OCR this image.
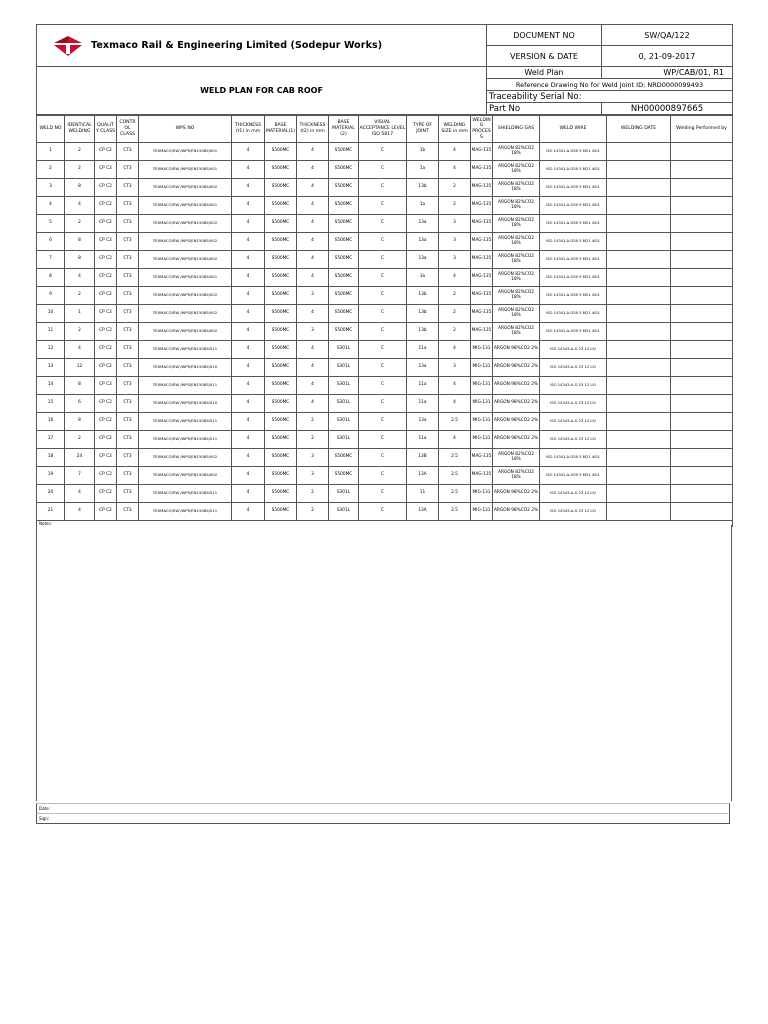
Texmaco Rail & Engineering Limited (Sodepur Works)	DOCUMENT NO	SW/QA/122
	VERSION & DATE	0, 21-09-2017
WELD PLAN FOR CAB ROOF	Weld Plan	WP/CAB/01, R1
	Reference Drawing No for Weld Joint ID: NRD0000099493	
	Traceability Serial No:	
	Part No	NH00000897665
WELD NO	IDENTICAL WELDING	QUALIT Y CLASS	CONTR OL CLASS	WPS NO	THICKNESS (t1) in mm	BASE MATERIAL(1)	THICKNESS (t2) in mm	BASE MATERIAL (2)	VISUAL ACCEPTANCE LEVEL ISO 5817	TYPE OF JOINT	WELDING SIZE in mm	WELDIN G PROCES S	SHIELDING GAS	WELD WIRE	WELDING DATE	Welding Performed by
1	2	CP C2	CT3	TEXMACO/SW /WPS/EN15085/001	4	S500MC	4	S500MC	C	1b	4	MAG-135	ARGON 82%CO2 18%	ISO 14341-A-G50 5 M21 4Si1		
2	2	CP C2	CT3	TEXMACO/SW /WPS/EN15085/001	4	S500MC	4	S500MC	C	1a	4	MAG-135	ARGON 82%CO2 18%	ISO 14341-A-G50 5 M21 4Si1		
3	8	CP C2	CT3	TEXMACO/SW /WPS/EN15085/002	4	S500MC	4	S500MC	C	13b	2	MAG-135	ARGON 82%CO2 18%	ISO 14341-A-G50 5 M21 4Si1		
4	4	CP C2	CT3	TEXMACO/SW /WPS/EN15085/001	4	S500MC	4	S500MC	C	1a	2	MAG-135	ARGON 82%CO2 18%	ISO 14341-A-G50 5 M21 4Si1		
5	2	CP C2	CT3	TEXMACO/SW /WPS/EN15085/002	4	S500MC	4	S500MC	C	13a	3	MAG-135	ARGON 82%CO2 18%	ISO 14341-A-G50 5 M21 4Si1		
6	8	CP C2	CT3	TEXMACO/SW /WPS/EN15085/002	4	S500MC	4	S500MC	C	13a	3	MAG-135	ARGON 82%CO2 18%	ISO 14341-A-G50 5 M21 4Si1		
7	8	CP C2	CT3	TEXMACO/SW /WPS/EN15085/002	4	S500MC	4	S500MC	C	13a	3	MAG-135	ARGON 82%CO2 18%	ISO 14341-A-G50 5 M21 4Si1		
8	4	CP C2	CT3	TEXMACO/SW /WPS/EN15085/001	4	S500MC	4	S500MC	C	3a	4	MAG-135	ARGON 82%CO2 18%	ISO 14341-A-G50 5 M21 4Si1		
9	2	CP C2	CT3	TEXMACO/SW /WPS/EN15085/002	4	S500MC	3	S500MC	C	13b	2	MAG-135	ARGON 82%CO2 18%	ISO 14341-A-G50 5 M21 4Si1		
10	1	CP C2	CT3	TEXMACO/SW /WPS/EN15085/002	4	S500MC	4	S500MC	C	13b	2	MAG-135	ARGON 82%CO2 18%	ISO 14341-A-G50 5 M21 4Si1		
11	2	CP C2	CT3	TEXMACO/SW /WPS/EN15085/002	4	S500MC	3	S500MC	C	13b	2	MAG-135	ARGON 82%CO2 18%	ISO 14341-A-G50 5 M21 4Si1		
12	4	CP C2	CT3	TEXMACO/SW /WPS/EN15085/011	4	S500MC	4	S301L	C	11a	4	MIG-131	ARGON 98%CO2 2%	ISO 14343-A-G 23 12 LSi		
13	12	CP C2	CT3	TEXMACO/SW /WPS/EN15085/010	4	S500MC	4	S301L	C	13a	3	MIG-131	ARGON 98%CO2 2%	ISO 14343-A-G 23 12 LSi		
14	8	CP C2	CT3	TEXMACO/SW /WPS/EN15085/011	4	S500MC	4	S301L	C	11a	4	MIG-131	ARGON 98%CO2 2%	ISO 14343-A-G 23 12 LSi		
15	6	CP C2	CT3	TEXMACO/SW /WPS/EN15085/010	4	S500MC	4	S301L	C	11a	4	MIG-131	ARGON 98%CO2 2%	ISO 14343-A-G 23 12 LSi		
16	8	CP C2	CT3	TEXMACO/SW /WPS/EN15085/011	4	S500MC	2	S301L	C	13a	2.5	MIG-131	ARGON 98%CO2 2%	ISO 14343-A-G 23 12 LSi		
17	2	CP C2	CT3	TEXMACO/SW /WPS/EN15085/011	4	S500MC	2	S301L	C	11a	4	MIG-131	ARGON 98%CO2 2%	ISO 14343-A-G 23 12 LSi		
18	24	CP C2	CT3	TEXMACO/SW /WPS/EN15085/002	4	S500MC	3	S500MC	C	13B	2.5	MAG-135	ARGON 82%CO2 18%	ISO 14341-A-G50 5 M21 4Si1		
19	7	CP C2	CT3	TEXMACO/SW /WPS/EN15085/002	4	S500MC	3	S500MC	C	13A	2.5	MAG-135	ARGON 82%CO2 18%	ISO 14341-A-G50 5 M21 4Si1		
20	4	CP C2	CT3	TEXMACO/SW /WPS/EN15085/011	4	S500MC	2	S301L	C	11	2.5	MIG-131	ARGON 98%CO2 2%	ISO 14343-A-G 23 12 LSi		
21	4	CP C2	CT3	TEXMACO/SW /WPS/EN15085/011	4	S500MC	2	S301L	C	13A	2.5	MIG-131	ARGON 98%CO2 2%	ISO 14343-A-G 23 12 LSi		
Notes:																
Date:
Sign:
